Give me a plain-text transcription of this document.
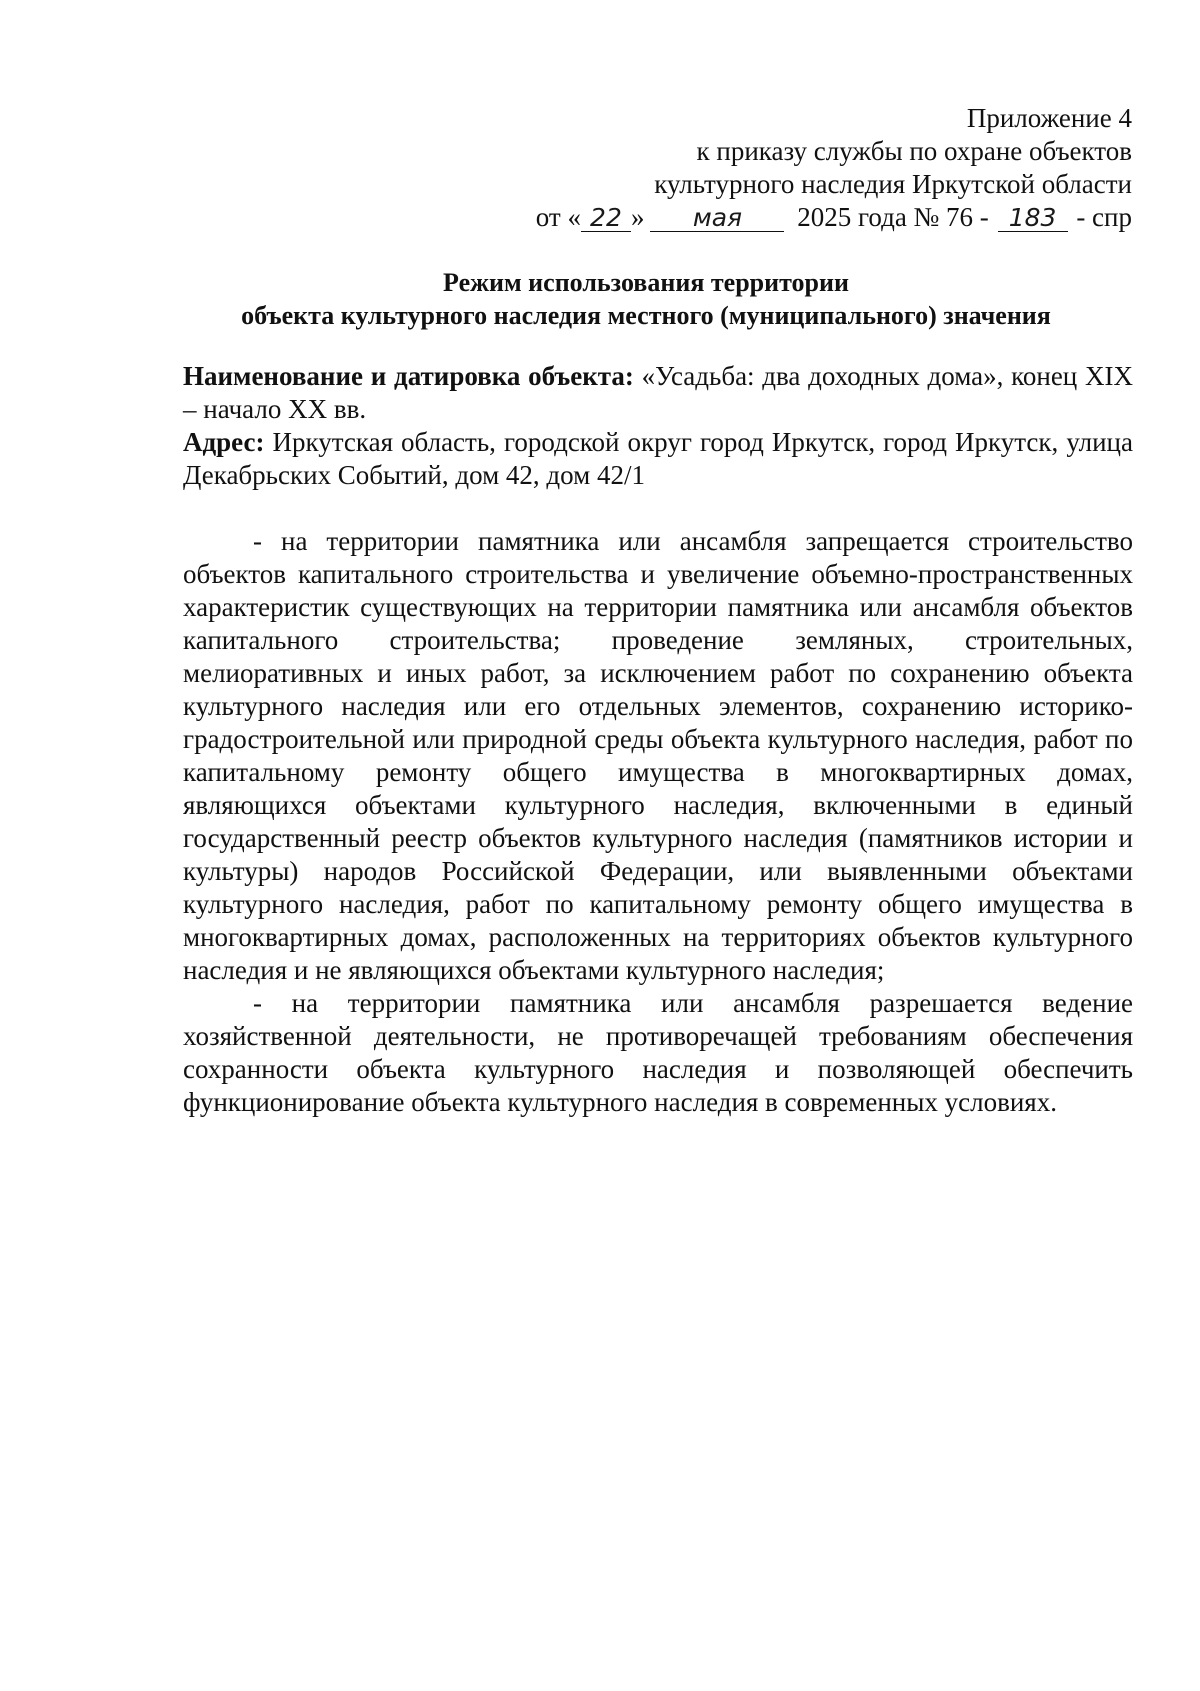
Приложение 4
к приказу службы по охране объектов
культурного наследия Иркутской области
от « 22 » мая 2025 года № 76 - 183 - спр
Режим использования территории
объекта культурного наследия местного (муниципального) значения

Наименование и датировка объекта: «Усадьба: два доходных дома», конец XIX – начало XX вв.

Адрес: Иркутская область, городской округ город Иркутск, город Иркутск, улица Декабрьских Событий, дом 42, дом 42/1

- на территории памятника или ансамбля запрещается строительство объектов капитального строительства и увеличение объемно-пространственных характеристик существующих на территории памятника или ансамбля объектов капитального строительства; проведение земляных, строительных, мелиоративных и иных работ, за исключением работ по сохранению объекта культурного наследия или его отдельных элементов, сохранению историко-градостроительной или природной среды объекта культурного наследия, работ по капитальному ремонту общего имущества в многоквартирных домах, являющихся объектами культурного наследия, включенными в единый государственный реестр объектов культурного наследия (памятников истории и культуры) народов Российской Федерации, или выявленными объектами культурного наследия, работ по капитальному ремонту общего имущества в многоквартирных домах, расположенных на территориях объектов культурного наследия и не являющихся объектами культурного наследия;

- на территории памятника или ансамбля разрешается ведение хозяйственной деятельности, не противоречащей требованиям обеспечения сохранности объекта культурного наследия и позволяющей обеспечить функционирование объекта культурного наследия в современных условиях.
